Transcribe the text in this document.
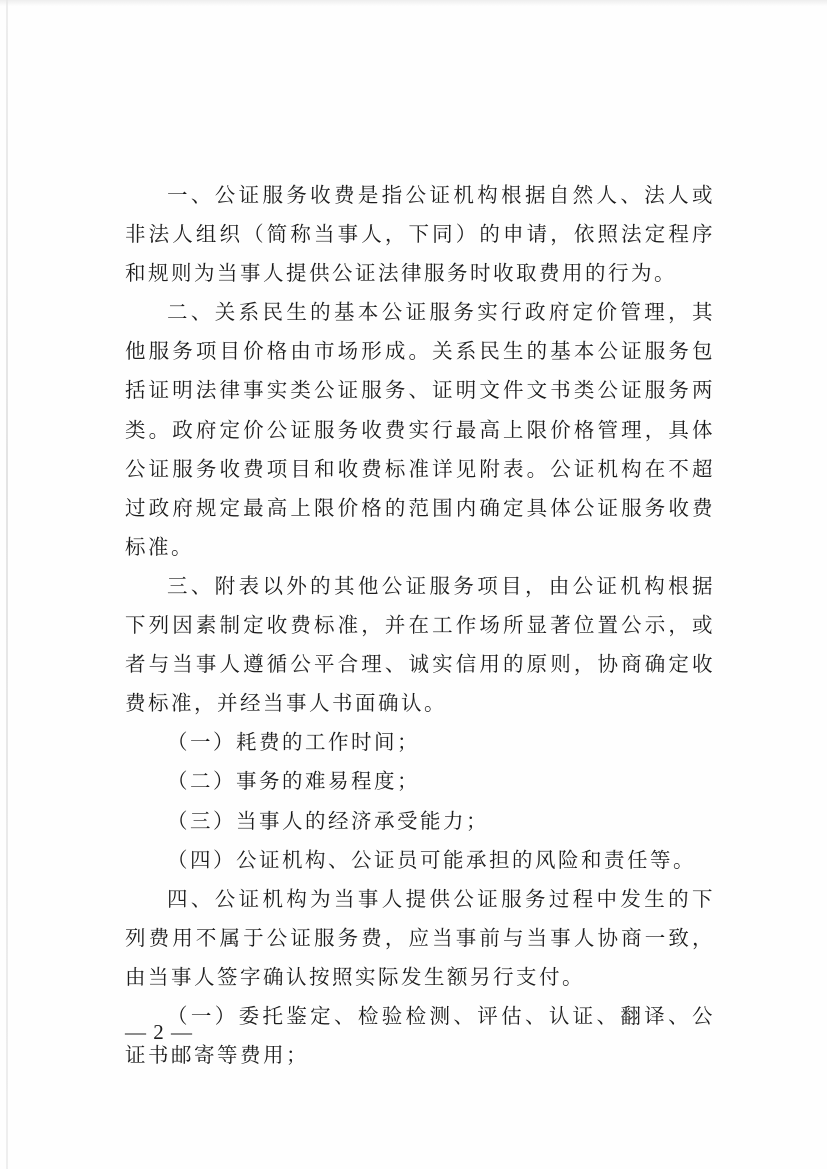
一、公证服务收费是指公证机构根据自然人、法人或非法人组织（简称当事人，下同）的申请，依照法定程序和规则为当事人提供公证法律服务时收取费用的行为。

二、关系民生的基本公证服务实行政府定价管理，其他服务项目价格由市场形成。关系民生的基本公证服务包括证明法律事实类公证服务、证明文件文书类公证服务两类。政府定价公证服务收费实行最高上限价格管理，具体公证服务收费项目和收费标准详见附表。公证机构在不超过政府规定最高上限价格的范围内确定具体公证服务收费标准。

三、附表以外的其他公证服务项目，由公证机构根据下列因素制定收费标准，并在工作场所显著位置公示，或者与当事人遵循公平合理、诚实信用的原则，协商确定收费标准，并经当事人书面确认。

（一）耗费的工作时间；

（二）事务的难易程度；

（三）当事人的经济承受能力；

（四）公证机构、公证员可能承担的风险和责任等。

四、公证机构为当事人提供公证服务过程中发生的下列费用不属于公证服务费，应当事前与当事人协商一致，由当事人签字确认按照实际发生额另行支付。

（一）委托鉴定、检验检测、评估、认证、翻译、公证书邮寄等费用；

— 2 —
